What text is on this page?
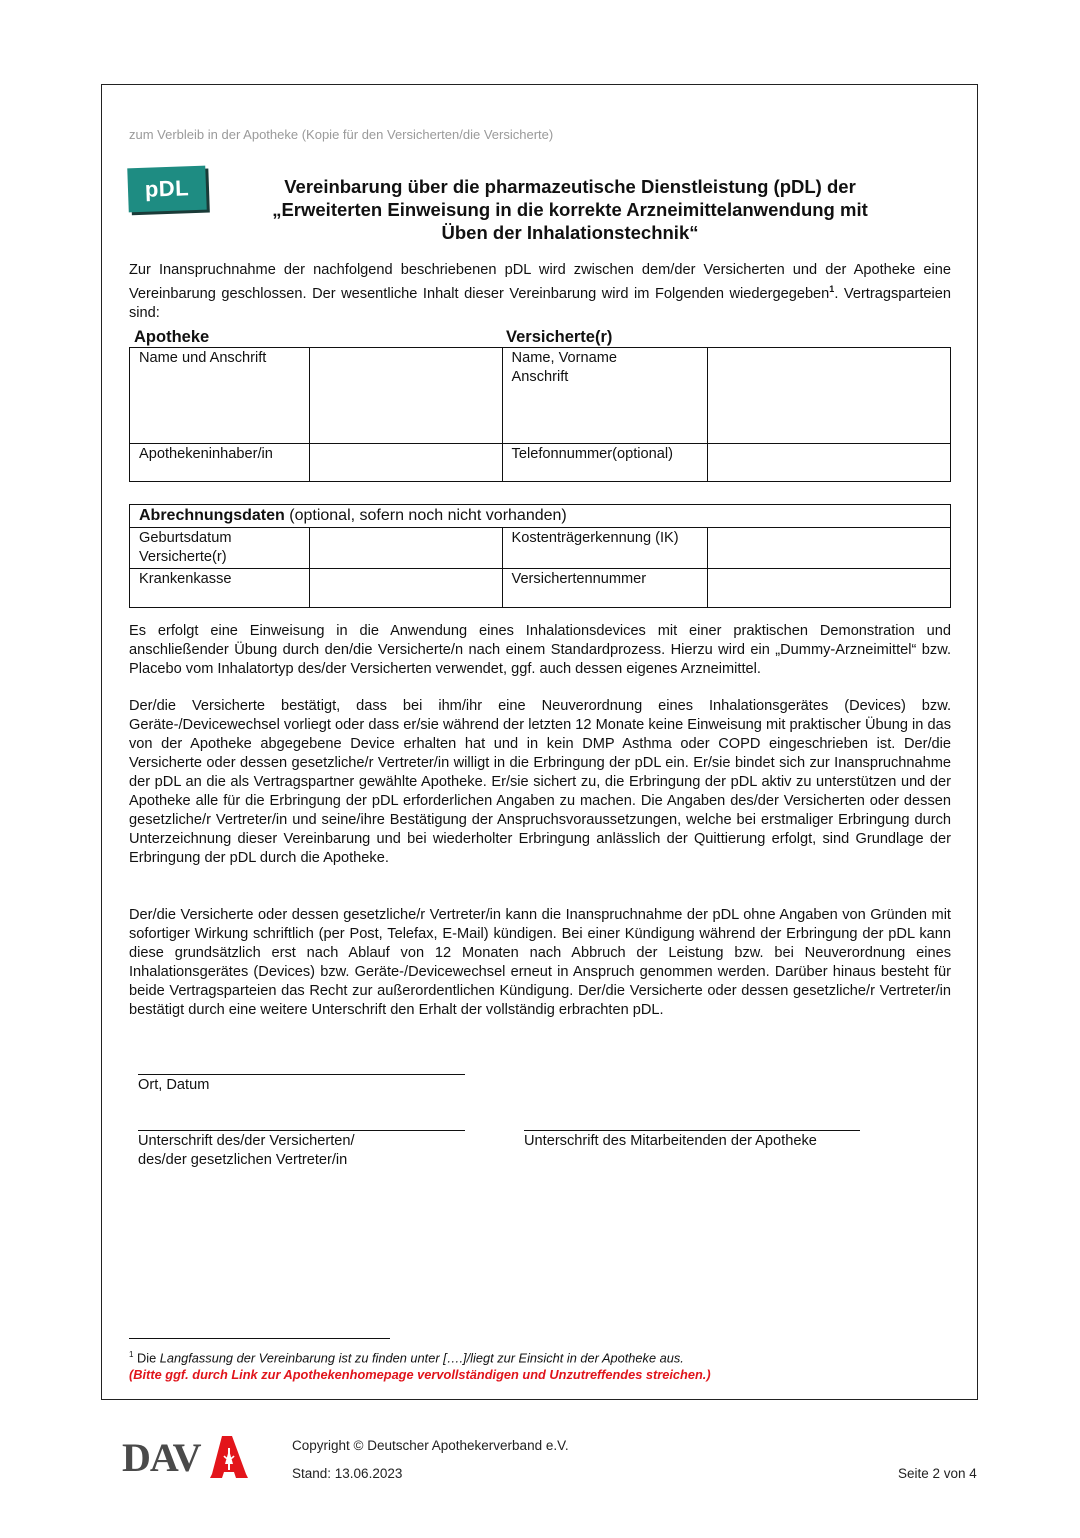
zum Verbleib in der Apotheke (Kopie für den Versicherten/die Versicherte)
pDL	Vereinbarung über die pharmazeutische Dienstleistung (pDL) der
„Erweiterten Einweisung in die korrekte Arzneimittelanwendung mit
Üben der Inhalationstechnik“
Zur Inanspruchnahme der nachfolgend beschriebenen pDL wird zwischen dem/der Versicherten und der Apotheke eine Vereinbarung geschlossen. Der wesentliche Inhalt dieser Vereinbarung wird im Folgenden wiedergegeben$^1$. Vertragsparteien sind:
Apotheke	Versicherte(r)
Name und Anschrift		Name, Vorname
Anschrift	

Apothekeninhaber/in		Telefonnummer(optional)	
Abrechnungsdaten (optional, sofern noch nicht vorhanden)			

Geburtsdatum
Versicherte(r)		Kostenträgerkennung (IK)	
Krankenkasse		Versichertennummer	
Es erfolgt eine Einweisung in die Anwendung eines Inhalationsdevices mit einer praktischen Demonstration und anschließender Übung durch den/die Versicherte/n nach einem Standardprozess. Hierzu wird ein „Dummy-Arzneimittel“ bzw. Placebo vom Inhalatortyp des/der Versicherten verwendet, ggf. auch dessen eigenes Arzneimittel.
Der/die Versicherte bestätigt, dass bei ihm/ihr eine Neuverordnung eines Inhalationsgerätes (Devices) bzw. Geräte-/Devicewechsel vorliegt oder dass er/sie während der letzten 12 Monate keine Einweisung mit praktischer Übung in das von der Apotheke abgegebene Device erhalten hat und in kein DMP Asthma oder COPD eingeschrieben ist. Der/die Versicherte oder dessen gesetzliche/r Vertreter/in willigt in die Erbringung der pDL ein. Er/sie bindet sich zur Inanspruchnahme der pDL an die als Vertragspartner gewählte Apotheke. Er/sie sichert zu, die Erbringung der pDL aktiv zu unterstützen und der Apotheke alle für die Erbringung der pDL erforderlichen Angaben zu machen. Die Angaben des/der Versicherten oder dessen gesetzliche/r Vertreter/in und seine/ihre Bestätigung der Anspruchsvoraussetzungen, welche bei erstmaliger Erbringung durch Unterzeichnung dieser Vereinbarung und bei wiederholter Erbringung anlässlich der Quittierung erfolgt, sind Grundlage der Erbringung der pDL durch die Apotheke.
Der/die Versicherte oder dessen gesetzliche/r Vertreter/in kann die Inanspruchnahme der pDL ohne Angaben von Gründen mit sofortiger Wirkung schriftlich (per Post, Telefax, E-Mail) kündigen. Bei einer Kündigung während der Erbringung der pDL kann diese grundsätzlich erst nach Ablauf von 12 Monaten nach Abbruch der Leistung bzw. bei Neuverordnung eines Inhalationsgerätes (Devices) bzw. Geräte-/Devicewechsel erneut in Anspruch genommen werden. Darüber hinaus besteht für beide Vertragsparteien das Recht zur außerordentlichen Kündigung. Der/die Versicherte oder dessen gesetzliche/r Vertreter/in bestätigt durch eine weitere Unterschrift den Erhalt der vollständig erbrachten pDL.
Ort, Datum
Unterschrift des/der Versicherten/
des/der gesetzlichen Vertreter/in
Unterschrift des Mitarbeitenden der Apotheke
$^1$ Die Langfassung der Vereinbarung ist zu finden unter [….]/liegt zur Einsicht in der Apotheke aus.
(Bitte ggf. durch Link zur Apothekenhomepage vervollständigen und Unzutreffendes streichen.)
DAV	Copyright © Deutscher Apothekerverband e.V.
Stand: 13.06.2023	Seite 2 von 4
